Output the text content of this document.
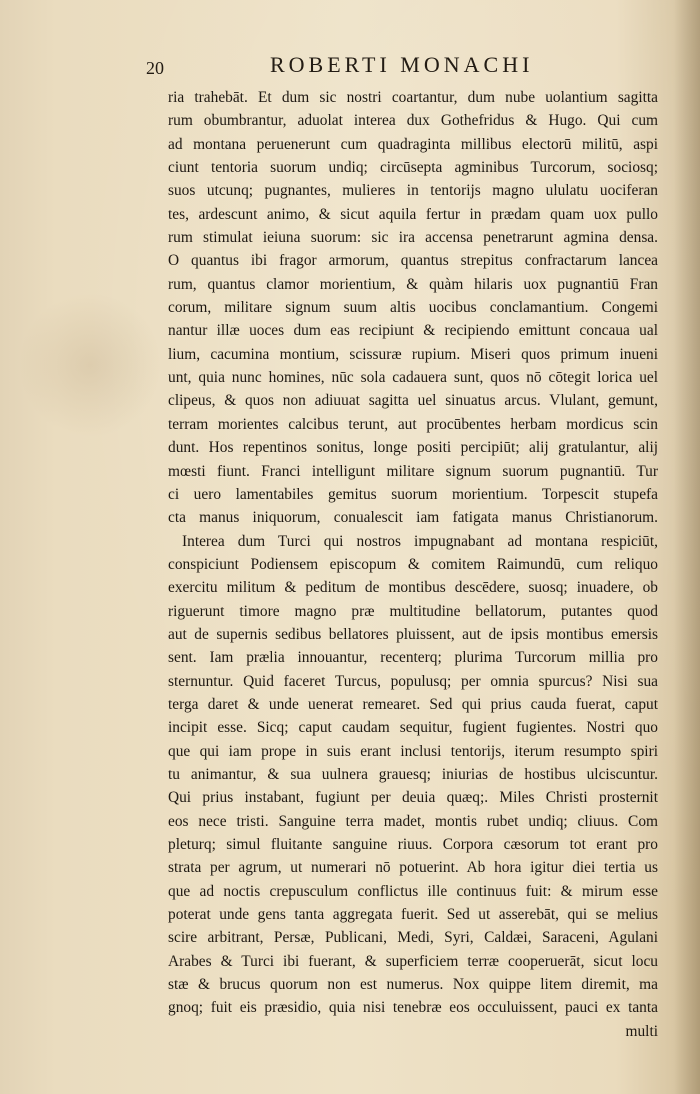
20	ROBERTI MONACHI
ria trahebāt. Et dum sic nostri coartantur, dum nube uolantium sagitta
rum obumbrantur, aduolat interea dux Gothefridus & Hugo. Qui cum
ad montana peruenerunt cum quadraginta millibus electorū militū, aspi
ciunt tentoria suorum undiq; circūsepta agminibus Turcorum, sociosq;
suos utcunq; pugnantes, mulieres in tentorijs magno ululatu uociferan
tes, ardescunt animo, & sicut aquila fertur in prædam quam uox pullo
rum stimulat ieiuna suorum: sic ira accensa penetrarunt agmina densa.
O quantus ibi fragor armorum, quantus strepitus confractarum lancea
rum, quantus clamor morientium, & quàm hilaris uox pugnantiū Fran
corum, militare signum suum altis uocibus conclamantium. Congemi
nantur illæ uoces dum eas recipiunt & recipiendo emittunt concaua ual
lium, cacumina montium, scissuræ rupium. Miseri quos primum inueni
unt, quia nunc homines, nūc sola cadauera sunt, quos nō cōtegit lorica uel
clipeus, & quos non adiuuat sagitta uel sinuatus arcus. Vlulant, gemunt,
terram morientes calcibus terunt, aut procūbentes herbam mordicus scin
dunt. Hos repentinos sonitus, longe positi percipiūt; alij gratulantur, alij
mœsti fiunt. Franci intelligunt militare signum suorum pugnantiū. Tur
ci uero lamentabiles gemitus suorum morientium. Torpescit stupefa
cta manus iniquorum, conualescit iam fatigata manus Christianorum.
Interea dum Turci qui nostros impugnabant ad montana respiciūt,
conspiciunt Podiensem episcopum & comitem Raimundū, cum reliquo
exercitu militum & peditum de montibus descēdere, suosq; inuadere, ob
riguerunt timore magno præ multitudine bellatorum, putantes quod
aut de supernis sedibus bellatores pluissent, aut de ipsis montibus emersis
sent. Iam prælia innouantur, recenterq; plurima Turcorum millia pro
sternuntur. Quid faceret Turcus, populusq; per omnia spurcus? Nisi sua
terga daret & unde uenerat remearet. Sed qui prius cauda fuerat, caput
incipit esse. Sicq; caput caudam sequitur, fugient fugientes. Nostri quo
que qui iam prope in suis erant inclusi tentorijs, iterum resumpto spiri
tu animantur, & sua uulnera grauesq; iniurias de hostibus ulciscuntur.
Qui prius instabant, fugiunt per deuia quæq;. Miles Christi prosternit
eos nece tristi. Sanguine terra madet, montis rubet undiq; cliuus. Com
pleturq; simul fluitante sanguine riuus. Corpora cæsorum tot erant pro
strata per agrum, ut numerari nō potuerint. Ab hora igitur diei tertia us
que ad noctis crepusculum conflictus ille continuus fuit: & mirum esse
poterat unde gens tanta aggregata fuerit. Sed ut asserebāt, qui se melius
scire arbitrant, Persæ, Publicani, Medi, Syri, Caldæi, Saraceni, Agulani
Arabes & Turci ibi fuerant, & superficiem terræ cooperuerāt, sicut locu
stæ & brucus quorum non est numerus. Nox quippe litem diremit, ma
gnoq; fuit eis præsidio, quia nisi tenebræ eos occuluissent, pauci ex tanta
multi
